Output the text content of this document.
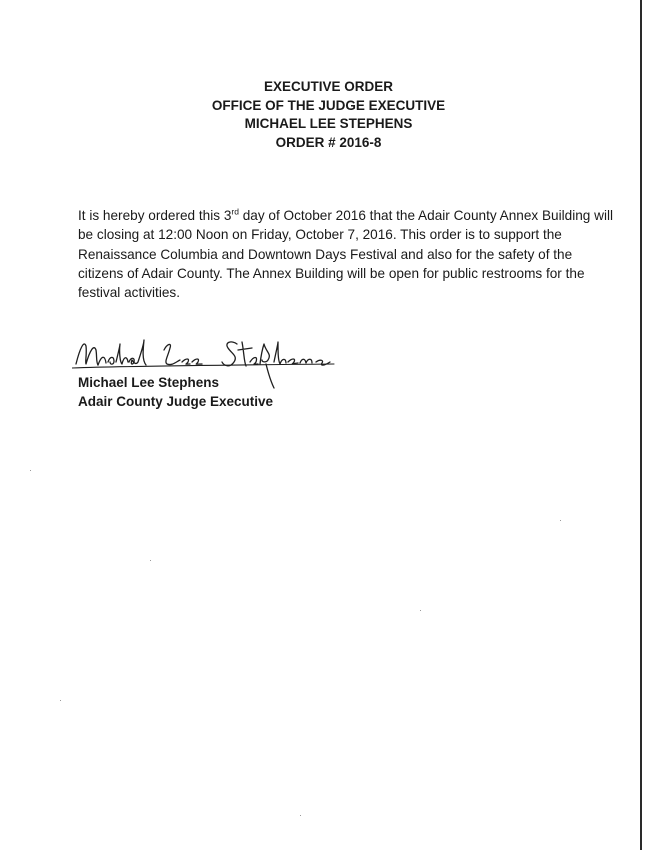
EXECUTIVE ORDER
OFFICE OF THE JUDGE EXECUTIVE
MICHAEL LEE STEPHENS
ORDER # 2016-8

It is hereby ordered this 3rd day of October 2016 that the Adair County Annex Building will be closing at 12:00 Noon on Friday, October 7, 2016. This order is to support the Renaissance Columbia and Downtown Days Festival and also for the safety of the citizens of Adair County. The Annex Building will be open for public restrooms for the festival activities.

Michael Lee Stephens
Adair County Judge Executive
